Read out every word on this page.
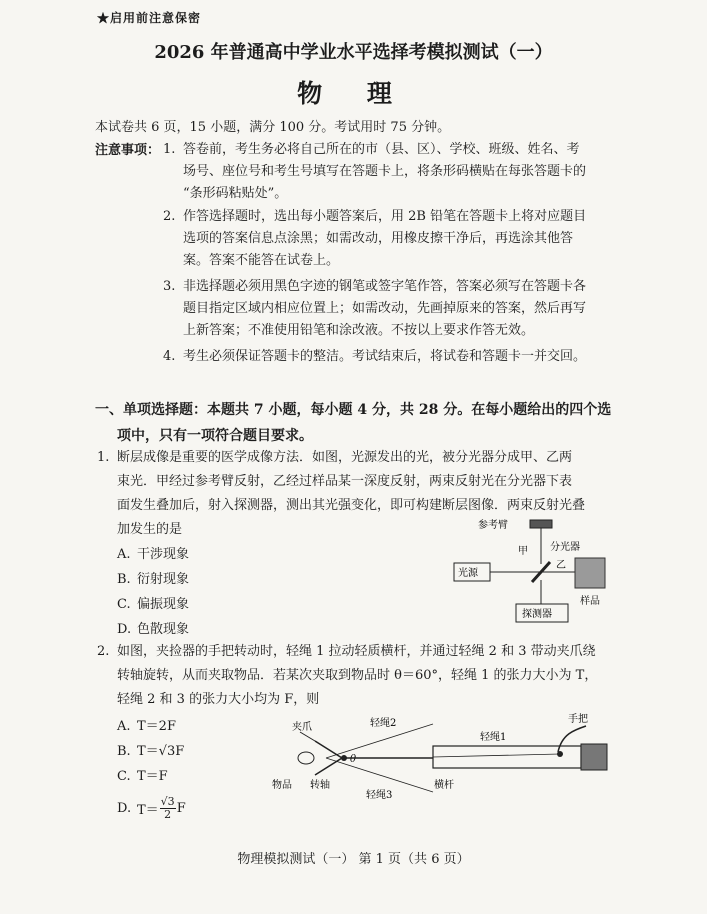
★启用前注意保密
2026 年普通高中学业水平选择考模拟测试（一）
物 理
本试卷共 6 页，15 小题，满分 100 分。考试用时 75 分钟。
注意事项： 1. 答卷前，考生务必将自己所在的市（县、区）、学校、班级、姓名、考
场号、座位号和考生号填写在答题卡上，将条形码横贴在每张答题卡的
“条形码粘贴处”。
2. 作答选择题时，选出每小题答案后，用 2B 铅笔在答题卡上将对应题目
选项的答案信息点涂黑；如需改动，用橡皮擦干净后，再选涂其他答
案。答案不能答在试卷上。
3. 非选择题必须用黑色字迹的钢笔或签字笔作答，答案必须写在答题卡各
题目指定区域内相应位置上；如需改动，先画掉原来的答案，然后再写
上新答案；不准使用铅笔和涂改液。不按以上要求作答无效。
4. 考生必须保证答题卡的整洁。考试结束后，将试卷和答题卡一并交回。
一、单项选择题：本题共 7 小题，每小题 4 分，共 28 分。在每小题给出的四个选
项中，只有一项符合题目要求。
1. 断层成像是重要的医学成像方法．如图，光源发出的光，被分光器分成甲、乙两
束光．甲经过参考臂反射，乙经过样品某一深度反射，两束反射光在分光器下表
面发生叠加后，射入探测器，测出其光强变化，即可构建断层图像．两束反射光叠
加发生的是
A. 干涉现象
B. 衍射现象
C. 偏振现象
D. 色散现象
参考臂
甲 分光器
光源
乙
样品
探测器
2. 如图，夹捡器的手把转动时，轻绳 1 拉动轻质横杆，并通过轻绳 2 和 3 带动夹爪绕
转轴旋转，从而夹取物品．若某次夹取到物品时 θ＝60°，轻绳 1 的张力大小为 T，
轻绳 2 和 3 的张力大小均为 F，则
A. T＝2F
B. T＝√3F
C. T＝F
D. $T= \frac{√3}{2}$ F
夹爪	轻绳2
轻绳1
手把
θ
物品 转轴
轻绳3
横杆
物理模拟测试（一） 第 1 页（共 6 页）
